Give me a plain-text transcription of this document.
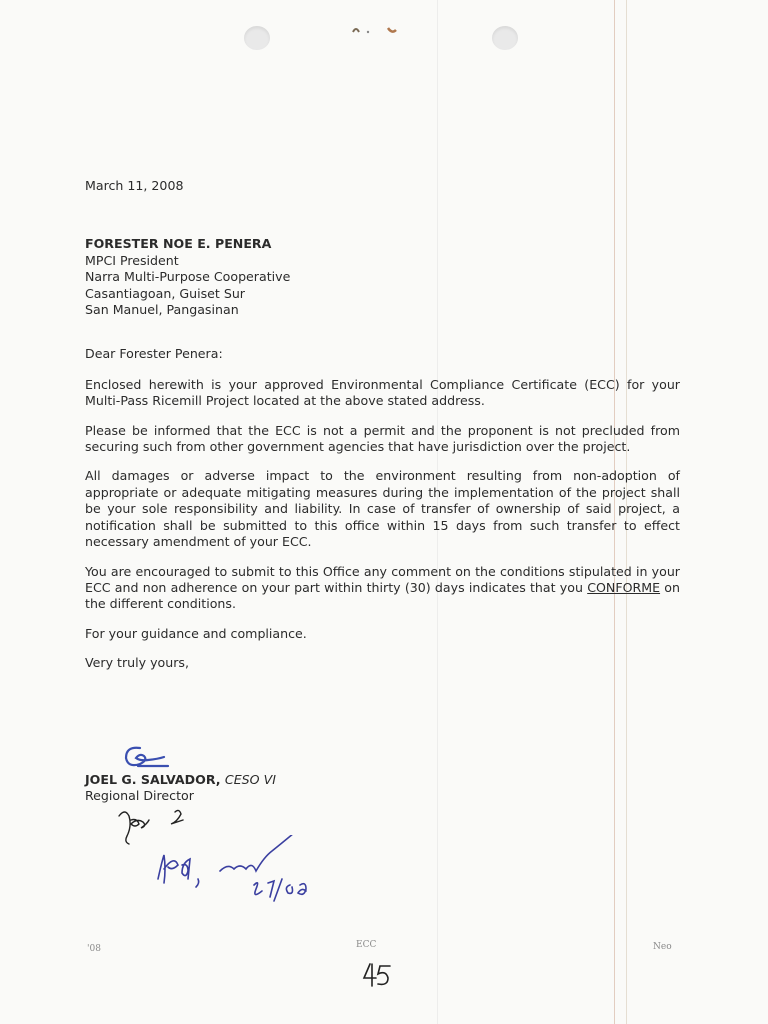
March 11, 2008
FORESTER NOE E. PENERA
MPCI President
Narra Multi-Purpose Cooperative
Casantiagoan, Guiset Sur
San Manuel, Pangasinan
Dear Forester Penera:

Enclosed herewith is your approved Environmental Compliance Certificate (ECC) for your Multi-Pass Ricemill Project located at the above stated address.

Please be informed that the ECC is not a permit and the proponent is not precluded from securing such from other government agencies that have jurisdiction over the project.

All damages or adverse impact to the environment resulting from non-adoption of appropriate or adequate mitigating measures during the implementation of the project shall be your sole responsibility and liability. In case of transfer of ownership of said project, a notification shall be submitted to this office within 15 days from such transfer to effect necessary amendment of your ECC.

You are encouraged to submit to this Office any comment on the conditions stipulated in your ECC and non adherence on your part within thirty (30) days indicates that you CONFORME on the different conditions.

For your guidance and compliance.

Very truly yours,

JOEL G. SALVADOR, CESO VI
Regional Director
'08	ECC	Neo
